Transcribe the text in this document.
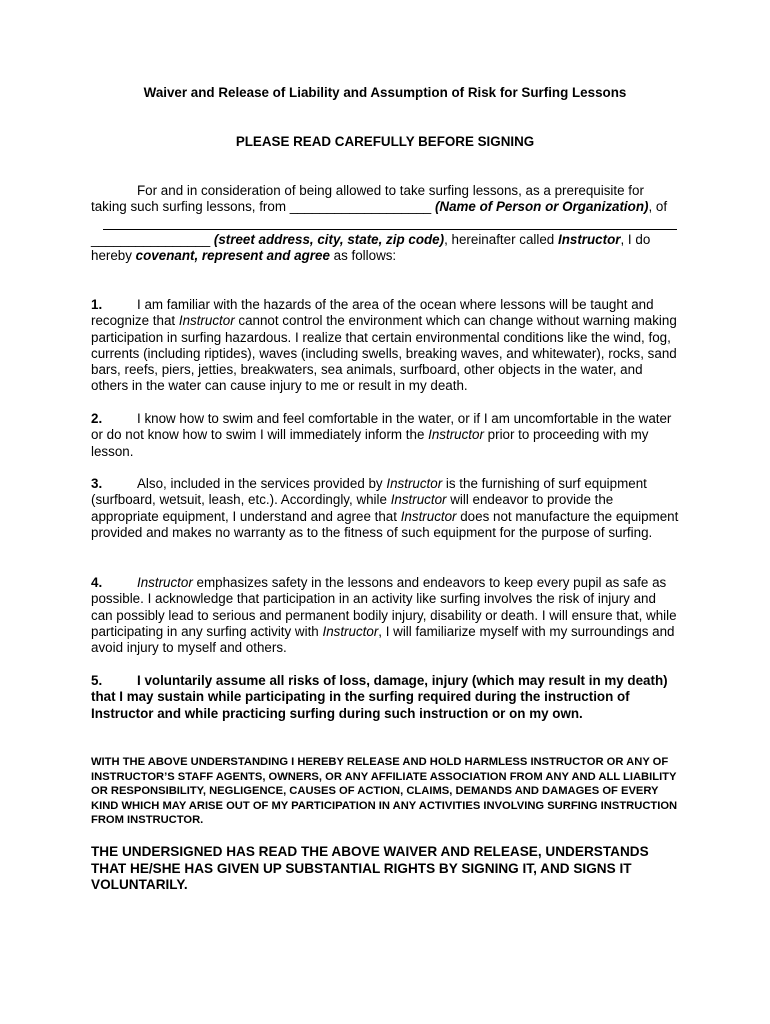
Waiver and Release of Liability and Assumption of Risk for Surfing Lessons
PLEASE READ CAREFULLY BEFORE SIGNING
For and in consideration of being allowed to take surfing lessons, as a prerequisite for taking such surfing lessons, from ___________________ (Name of Person or Organization), of
________________ (street address, city, state, zip code), hereinafter called Instructor, I do hereby covenant, represent and agree as follows:
1.	I am familiar with the hazards of the area of the ocean where lessons will be taught and recognize that Instructor cannot control the environment which can change without warning making participation in surfing hazardous. I realize that certain environmental conditions like the wind, fog, currents (including riptides), waves (including swells, breaking waves, and whitewater), rocks, sand bars, reefs, piers, jetties, breakwaters, sea animals, surfboard, other objects in the water, and others in the water can cause injury to me or result in my death.
2.	I know how to swim and feel comfortable in the water, or if I am uncomfortable in the water or do not know how to swim I will immediately inform the Instructor prior to proceeding with my lesson.
3.	Also, included in the services provided by Instructor is the furnishing of surf equipment (surfboard, wetsuit, leash, etc.). Accordingly, while Instructor will endeavor to provide the appropriate equipment, I understand and agree that Instructor does not manufacture the equipment provided and makes no warranty as to the fitness of such equipment for the purpose of surfing.
4.	Instructor emphasizes safety in the lessons and endeavors to keep every pupil as safe as possible. I acknowledge that participation in an activity like surfing involves the risk of injury and can possibly lead to serious and permanent bodily injury, disability or death. I will ensure that, while participating in any surfing activity with Instructor, I will familiarize myself with my surroundings and avoid injury to myself and others.
5.	I voluntarily assume all risks of loss, damage, injury (which may result in my death) that I may sustain while participating in the surfing required during the instruction of Instructor and while practicing surfing during such instruction or on my own.
WITH THE ABOVE UNDERSTANDING I HEREBY RELEASE AND HOLD HARMLESS INSTRUCTOR OR ANY OF INSTRUCTOR’S STAFF AGENTS, OWNERS, OR ANY AFFILIATE ASSOCIATION FROM ANY AND ALL LIABILITY OR RESPONSIBILITY, NEGLIGENCE, CAUSES OF ACTION, CLAIMS, DEMANDS AND DAMAGES OF EVERY KIND WHICH MAY ARISE OUT OF MY PARTICIPATION IN ANY ACTIVITIES INVOLVING SURFING INSTRUCTION FROM INSTRUCTOR.
THE UNDERSIGNED HAS READ THE ABOVE WAIVER AND RELEASE, UNDERSTANDS THAT HE/SHE HAS GIVEN UP SUBSTANTIAL RIGHTS BY SIGNING IT, AND SIGNS IT VOLUNTARILY.
